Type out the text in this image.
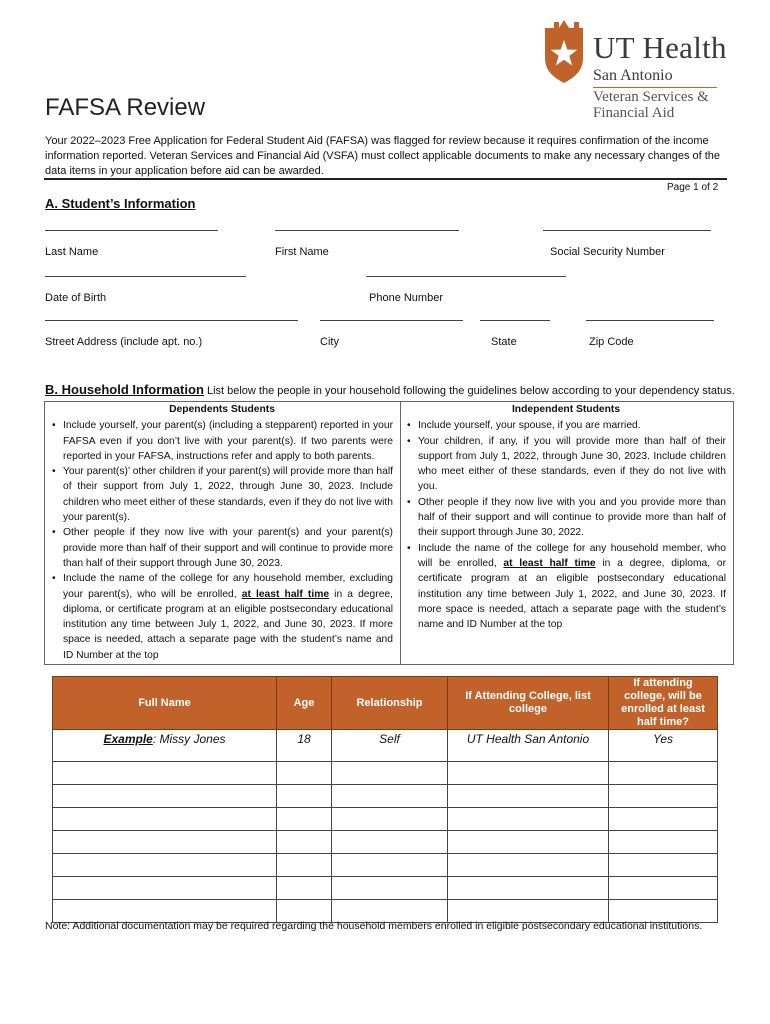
UT Health
San Antonio
Veteran Services &
Financial Aid
FAFSA Review

Your 2022–2023 Free Application for Federal Student Aid (FAFSA) was flagged for review because it requires confirmation of the income information reported. Veteran Services and Financial Aid (VSFA) must collect applicable documents to make any necessary changes of the data items in your application before aid can be awarded.

Page 1 of 2
A. Student’s Information
Last Name	First Name	Social Security Number
Date of Birth	Phone Number
Street Address (include apt. no.)	City	State	Zip Code
B. Household Information List below the people in your household following the guidelines below according to your dependency status.
Dependents Students
• Include yourself, your parent(s) (including a stepparent) reported in your FAFSA even if you don’t live with your parent(s). If two parents were reported in your FAFSA, instructions refer and apply to both parents.
• Your parent(s)’ other children if your parent(s) will provide more than half of their support from July 1, 2022, through June 30, 2023. Include children who meet either of these standards, even if they do not live with your parent(s).
• Other people if they now live with your parent(s) and your parent(s) provide more than half of their support and will continue to provide more than half of their support through June 30, 2023.
• Include the name of the college for any household member, excluding your parent(s), who will be enrolled, at least half time in a degree, diploma, or certificate program at an eligible postsecondary educational institution any time between July 1, 2022, and June 30, 2023. If more space is needed, attach a separate page with the student’s name and ID Number at the top
Independent Students
• Include yourself, your spouse, if you are married.
• Your children, if any, if you will provide more than half of their support from July 1, 2022, through June 30, 2023. Include children who meet either of these standards, even if they do not live with you.
• Other people if they now live with you and you provide more than half of their support and will continue to provide more than half of their support through June 30, 2022.
• Include the name of the college for any household member, who will be enrolled, at least half time in a degree, diploma, or certificate program at an eligible postsecondary educational institution any time between July 1, 2022, and June 30, 2023. If more space is needed, attach a separate page with the student’s name and ID Number at the top
Full Name	Age	Relationship	If Attending College, list college	If attending college, will be enrolled at least half time?
Example: Missy Jones	18	Self	UT Health San Antonio	Yes

Note: Additional documentation may be required regarding the household members enrolled in eligible postsecondary educational institutions.
